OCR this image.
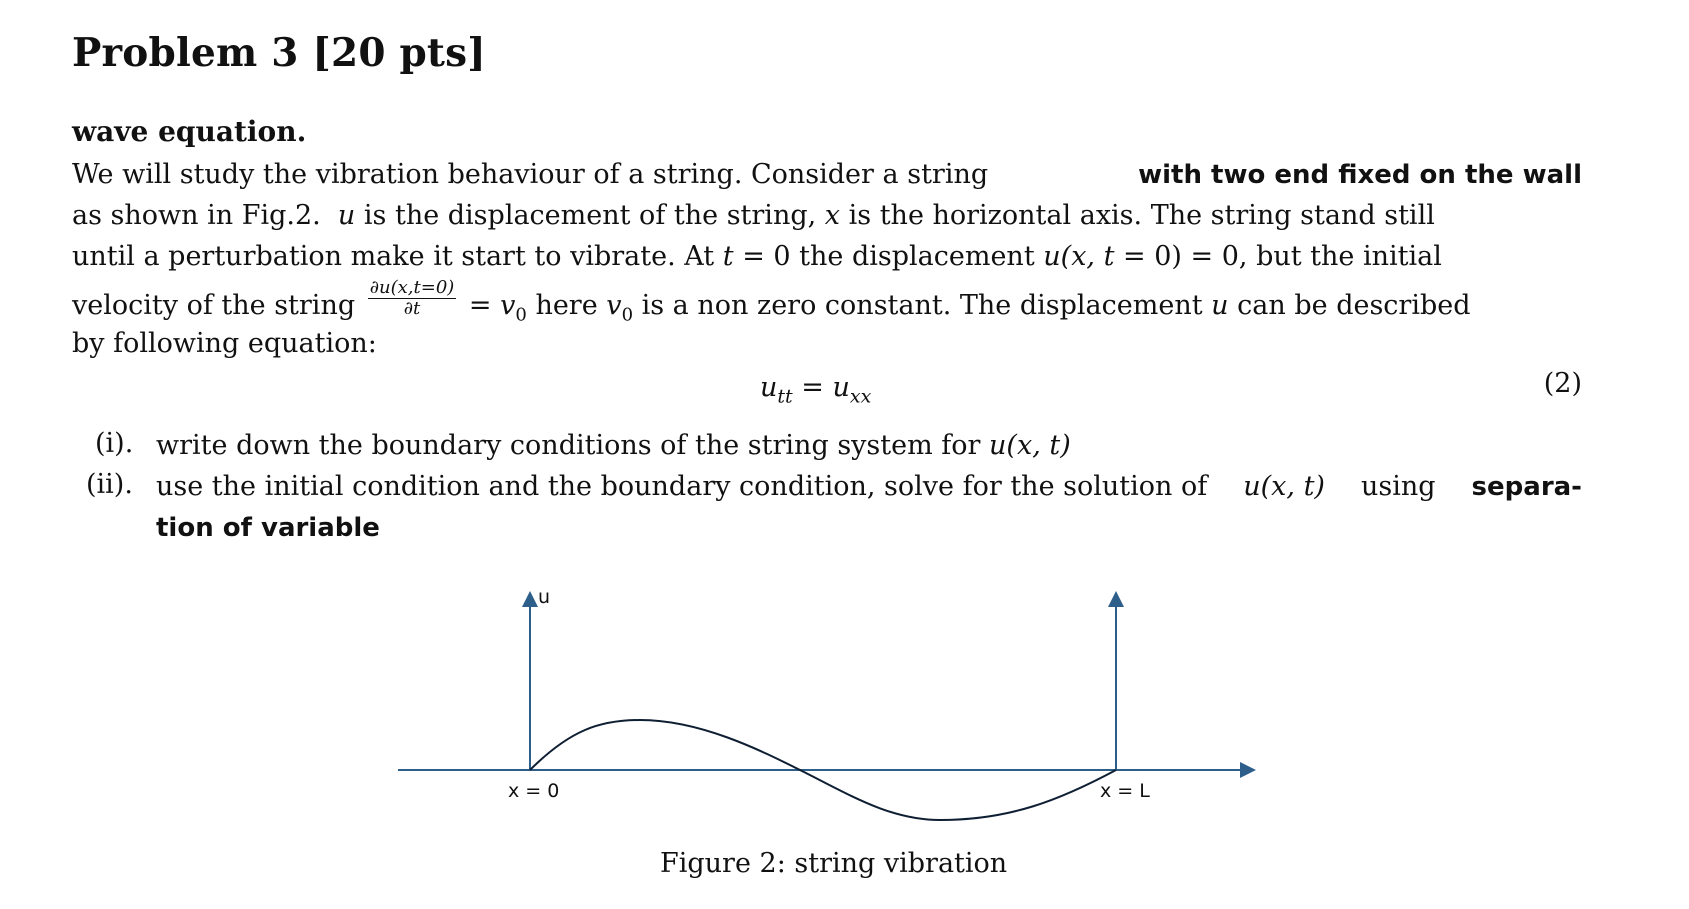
Problem 3 [20 pts]
wave equation.
We will study the vibration behaviour of a string. Consider a string	with two end fixed on the wall
as shown in Fig.2. u is the displacement of the string, x is the horizontal axis. The string stand still
until a perturbation make it start to vibrate. At t = 0 the displacement u(x, t = 0) = 0, but the initial
velocity of the string $\frac{\partial u(x,t=0)}{\partial t} = v_0$ here $v_0$ is a non zero constant. The displacement u can be described
by following equation:
$u_{tt} = u_{xx}$	(2)
(i). write down the boundary conditions of the string system for u(x, t)
(ii). use the initial condition and the boundary condition, solve for the solution of u(x, t) using separa-
tion of variable
u
x = 0	x = L
Figure 2: string vibration
